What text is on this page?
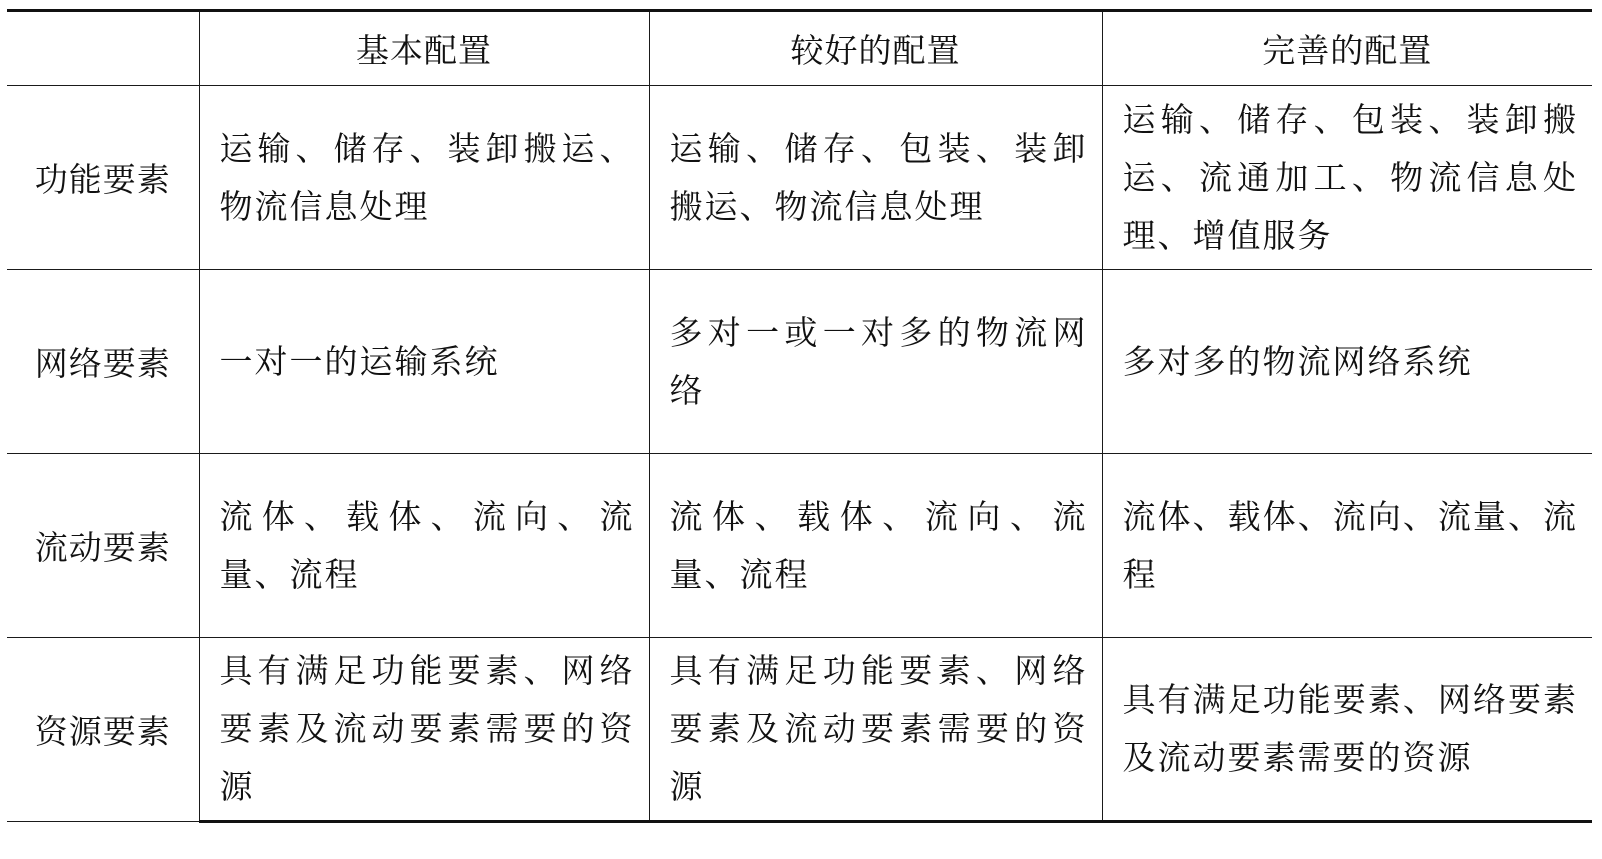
	基本配置	较好的配置	完善的配置
功能要素	运输、储存、装卸搬运、物流信息处理	运输、储存、包装、装卸搬运、物流信息处理	运输、储存、包装、装卸搬运、流通加工、物流信息处理、增值服务
网络要素	一对一的运输系统	多对一或一对多的物流网络	多对多的物流网络系统
流动要素	流体、载体、流向、流量、流程	流体、载体、流向、流量、流程	流体、载体、流向、流量、流程
资源要素	具有满足功能要素、网络要素及流动要素需要的资源	具有满足功能要素、网络要素及流动要素需要的资源	具有满足功能要素、网络要素及流动要素需要的资源
